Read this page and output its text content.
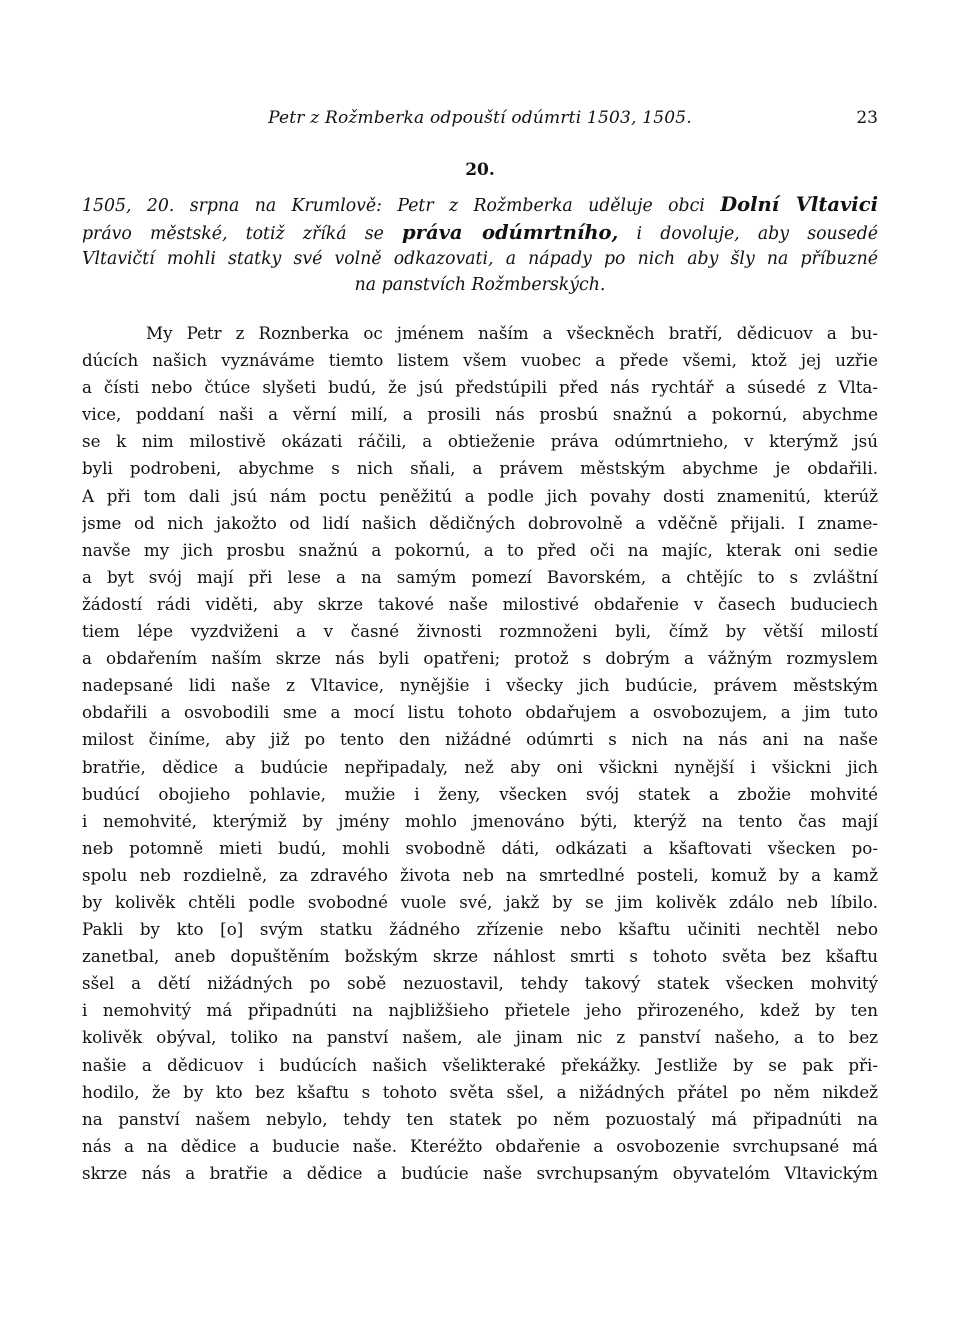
Petr z Rožmberka odpouští odúmrti 1503, 1505.	23
20.
1505, 20. srpna na Krumlově: Petr z Rožmberka uděluje obci Dolní Vltavici
právo městské, totiž zříká se práva odúmrtního, i dovoluje, aby sousedé
Vltavičtí mohli statky své volně odkazovati, a nápady po nich aby šly na příbuzné
na panstvích Rožmberských.
My Petr z Roznberka oc jménem naším a všeckněch bratří, dědicuov a bu-
dúcích našich vyznáváme tiemto listem všem vuobec a přede všemi, ktož jej uzřie
a čísti nebo čtúce slyšeti budú, že jsú předstúpili před nás rychtář a súsedé z Vlta-
vice, poddaní naši a věrní milí, a prosili nás prosbú snažnú a pokornú, abychme
se k nim milostivě okázati ráčili, a obtieženie práva odúmrtnieho, v kterýmž jsú
byli podrobeni, abychme s nich sňali, a právem městským abychme je obdařili.
A při tom dali jsú nám poctu peněžitú a podle jich povahy dosti znamenitú, kterúž
jsme od nich jakožto od lidí našich dědičných dobrovolně a vděčně přijali. I zname-
navše my jich prosbu snažnú a pokornú, a to před oči na majíc, kterak oni sedie
a byt svój mají při lese a na samým pomezí Bavorském, a chtějíc to s zvláštní
žádostí rádi viděti, aby skrze takové naše milostivé obdařenie v časech buduciech
tiem lépe vyzdviženi a v časné živnosti rozmnoženi byli, čímž by větší milostí
a obdařením naším skrze nás byli opatřeni; protož s dobrým a vážným rozmyslem
nadepsané lidi naše z Vltavice, nynějšie i všecky jich budúcie, právem městským
obdařili a osvobodili sme a mocí listu tohoto obdařujem a osvobozujem, a jim tuto
milost činíme, aby již po tento den nižádné odúmrti s nich na nás ani na naše
bratřie, dědice a budúcie nepřipadaly, než aby oni všickni nynější i všickni jich
budúcí obojieho pohlavie, mužie i ženy, všecken svój statek a zbožie mohvité
i nemohvité, kterýmiž by jmény mohlo jmenováno býti, kterýž na tento čas mají
neb potomně mieti budú, mohli svobodně dáti, odkázati a kšaftovati všecken po-
spolu neb rozdielně, za zdravého života neb na smrtedlné posteli, komuž by a kamž
by kolivěk chtěli podle svobodné vuole své, jakž by se jim kolivěk zdálo neb líbilo.
Pakli by kto [o] svým statku žádného zřízenie nebo kšaftu učiniti nechtěl nebo
zanetbal, aneb dopuštěním božským skrze náhlost smrti s tohoto světa bez kšaftu
sšel a dětí nižádných po sobě nezuostavil, tehdy takový statek všecken mohvitý
i nemohvitý má připadnúti na najbližšieho přietele jeho přirozeného, kdež by ten
kolivěk obýval, toliko na panství našem, ale jinam nic z panství našeho, a to bez
našie a dědicuov i budúcích našich všelikteraké překážky. Jestliže by se pak při-
hodilo, že by kto bez kšaftu s tohoto světa sšel, a nižádných přátel po něm nikdež
na panství našem nebylo, tehdy ten statek po něm pozuostalý má připadnúti na
nás a na dědice a buducie naše. Kteréžto obdařenie a osvobozenie svrchupsané má
skrze nás a bratřie a dědice a budúcie naše svrchupsaným obyvatelóm Vltavickým
